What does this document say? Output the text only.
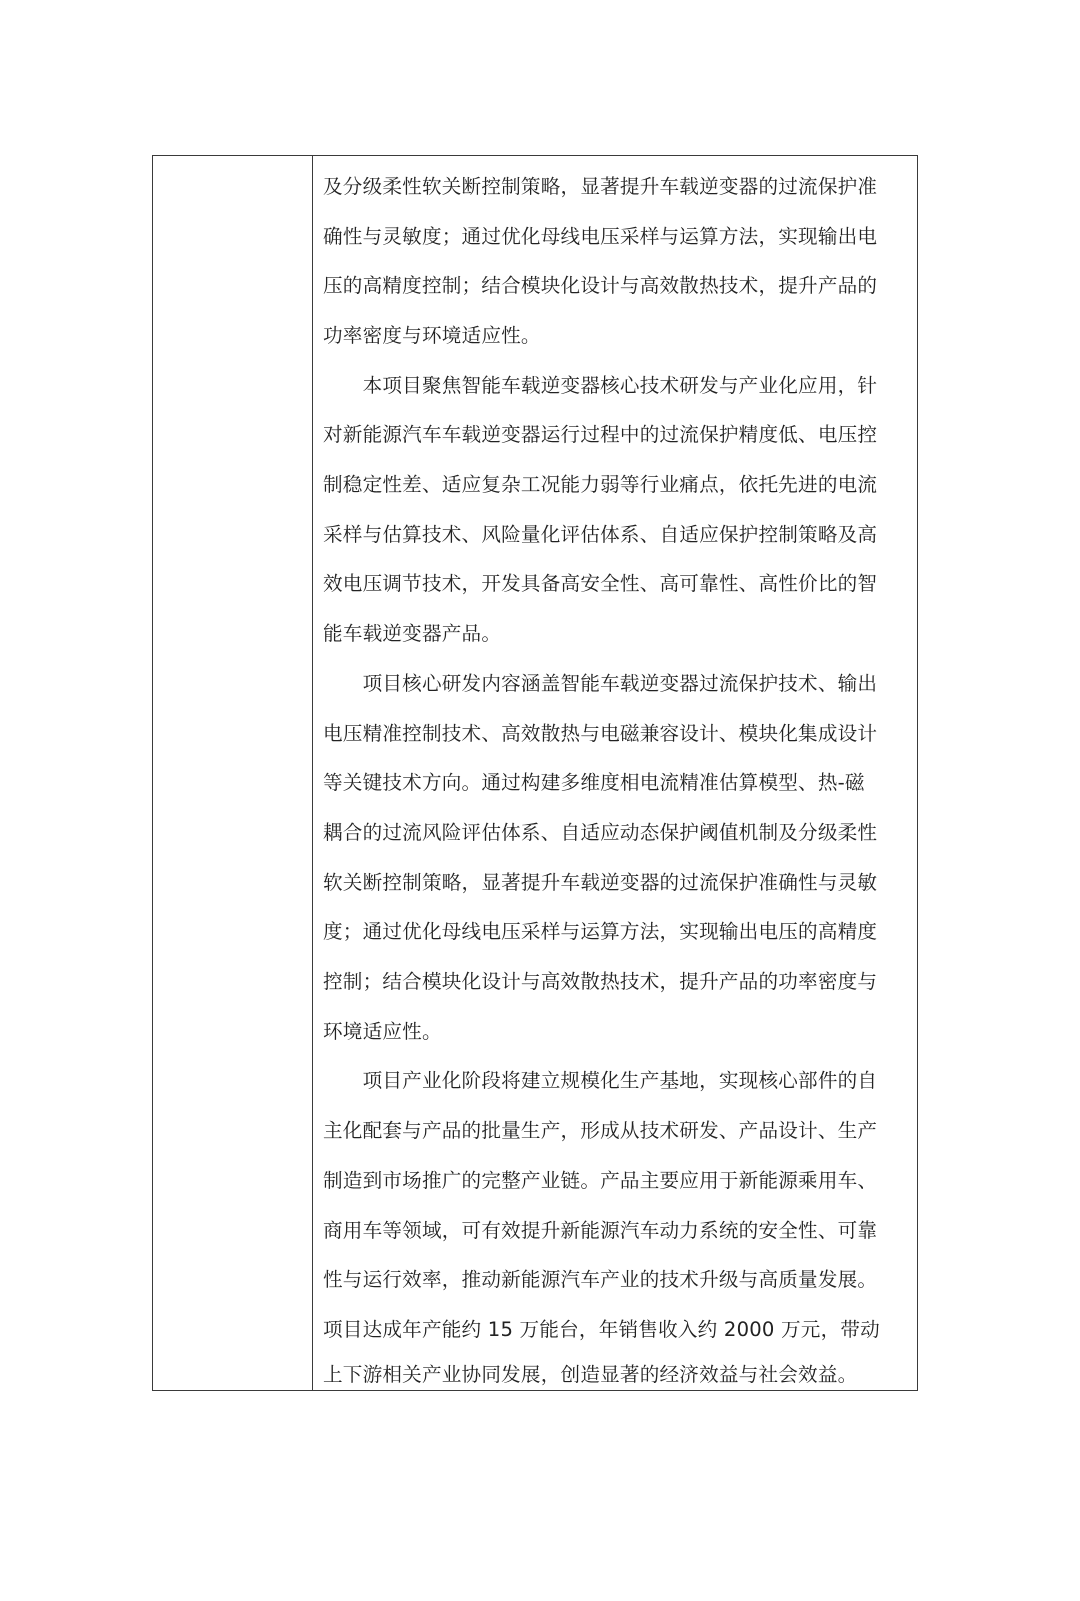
及分级柔性软关断控制策略，显著提升车载逆变器的过流保护准
确性与灵敏度；通过优化母线电压采样与运算方法，实现输出电
压的高精度控制；结合模块化设计与高效散热技术，提升产品的
功率密度与环境适应性。
　　本项目聚焦智能车载逆变器核心技术研发与产业化应用，针
对新能源汽车车载逆变器运行过程中的过流保护精度低、电压控
制稳定性差、适应复杂工况能力弱等行业痛点，依托先进的电流
采样与估算技术、风险量化评估体系、自适应保护控制策略及高
效电压调节技术，开发具备高安全性、高可靠性、高性价比的智
能车载逆变器产品。
　　项目核心研发内容涵盖智能车载逆变器过流保护技术、输出
电压精准控制技术、高效散热与电磁兼容设计、模块化集成设计
等关键技术方向。通过构建多维度相电流精准估算模型、热-磁
耦合的过流风险评估体系、自适应动态保护阈值机制及分级柔性
软关断控制策略，显著提升车载逆变器的过流保护准确性与灵敏
度；通过优化母线电压采样与运算方法，实现输出电压的高精度
控制；结合模块化设计与高效散热技术，提升产品的功率密度与
环境适应性。
　　项目产业化阶段将建立规模化生产基地，实现核心部件的自
主化配套与产品的批量生产，形成从技术研发、产品设计、生产
制造到市场推广的完整产业链。产品主要应用于新能源乘用车、
商用车等领域，可有效提升新能源汽车动力系统的安全性、可靠
性与运行效率，推动新能源汽车产业的技术升级与高质量发展。
项目达成年产能约 15 万能台，年销售收入约 2000 万元，带动
上下游相关产业协同发展，创造显著的经济效益与社会效益。
